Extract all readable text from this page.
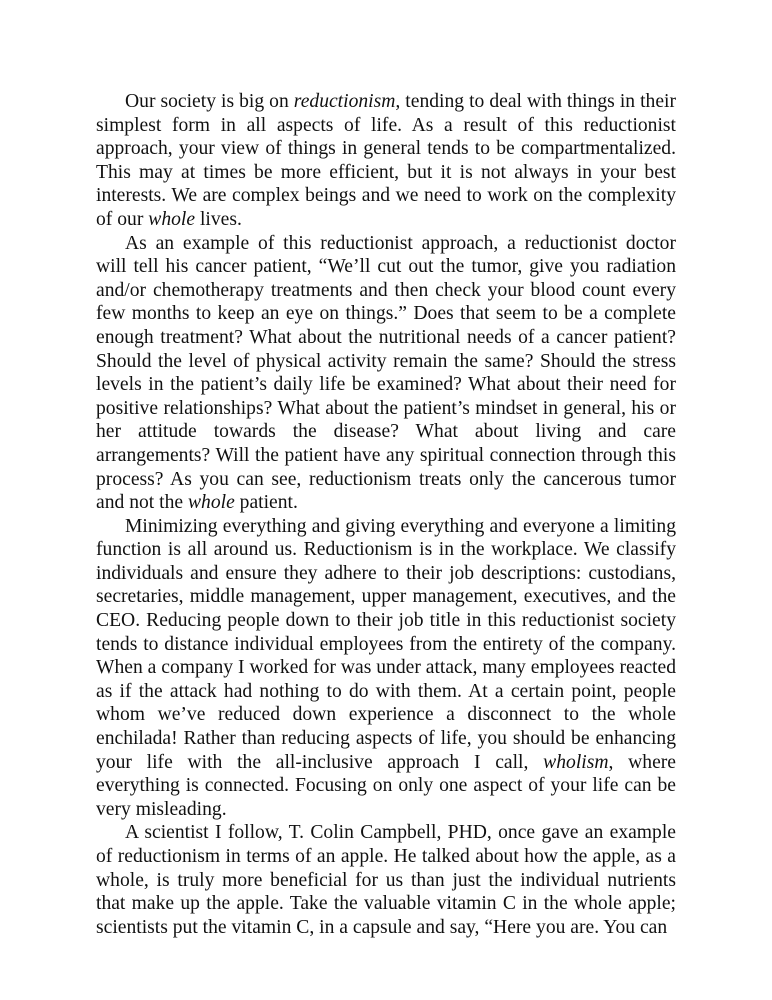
Our society is big on reductionism, tending to deal with things in their simplest form in all aspects of life. As a result of this reductionist approach, your view of things in general tends to be compartmentalized. This may at times be more efficient, but it is not always in your best interests. We are complex beings and we need to work on the complexity of our whole lives.

As an example of this reductionist approach, a reductionist doctor will tell his cancer patient, “We’ll cut out the tumor, give you radiation and/or chemotherapy treatments and then check your blood count every few months to keep an eye on things.” Does that seem to be a complete enough treatment? What about the nutritional needs of a cancer patient? Should the level of physical activity remain the same? Should the stress levels in the patient’s daily life be examined? What about their need for positive relationships? What about the patient’s mindset in general, his or her attitude towards the disease? What about living and care arrangements? Will the patient have any spiritual connection through this process? As you can see, reductionism treats only the cancerous tumor and not the whole patient.

Minimizing everything and giving everything and everyone a limiting function is all around us. Reductionism is in the workplace. We classify individuals and ensure they adhere to their job descriptions: custodians, secretaries, middle management, upper management, executives, and the CEO. Reducing people down to their job title in this reductionist society tends to distance individual employees from the entirety of the company. When a company I worked for was under attack, many employees reacted as if the attack had nothing to do with them. At a certain point, people whom we’ve reduced down experience a disconnect to the whole enchilada! Rather than reducing aspects of life, you should be enhancing your life with the all-inclusive approach I call, wholism, where everything is connected. Focusing on only one aspect of your life can be very misleading.

A scientist I follow, T. Colin Campbell, PHD, once gave an example of reductionism in terms of an apple. He talked about how the apple, as a whole, is truly more beneficial for us than just the individual nutrients that make up the apple. Take the valuable vitamin C in the whole apple; scientists put the vitamin C, in a capsule and say, “Here you are. You can
